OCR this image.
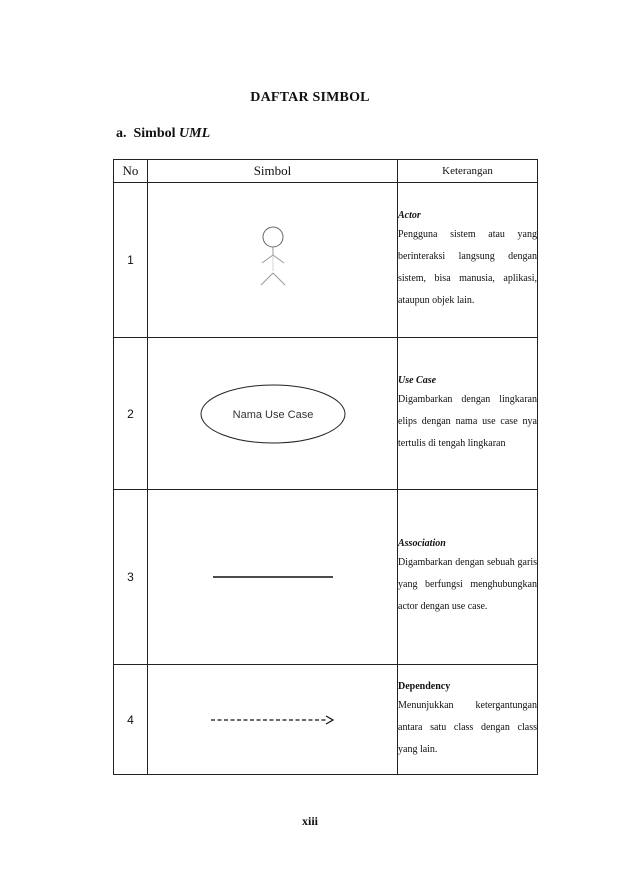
DAFTAR SIMBOL
a. Simbol UML
No	Simbol	Keterangan
1		Actor
Pengguna sistem atau yang berinteraksi langsung dengan sistem, bisa manusia, aplikasi, ataupun objek lain.

2	Nama Use Case	Use Case
Digambarkan dengan lingkaran elips dengan nama use case nya tertulis di tengah lingkaran

3		Association
Digambarkan dengan sebuah garis yang berfungsi menghubungkan actor dengan use case.

4		Dependency
Menunjukkan ketergantungan antara satu class dengan class yang lain.
xiii
